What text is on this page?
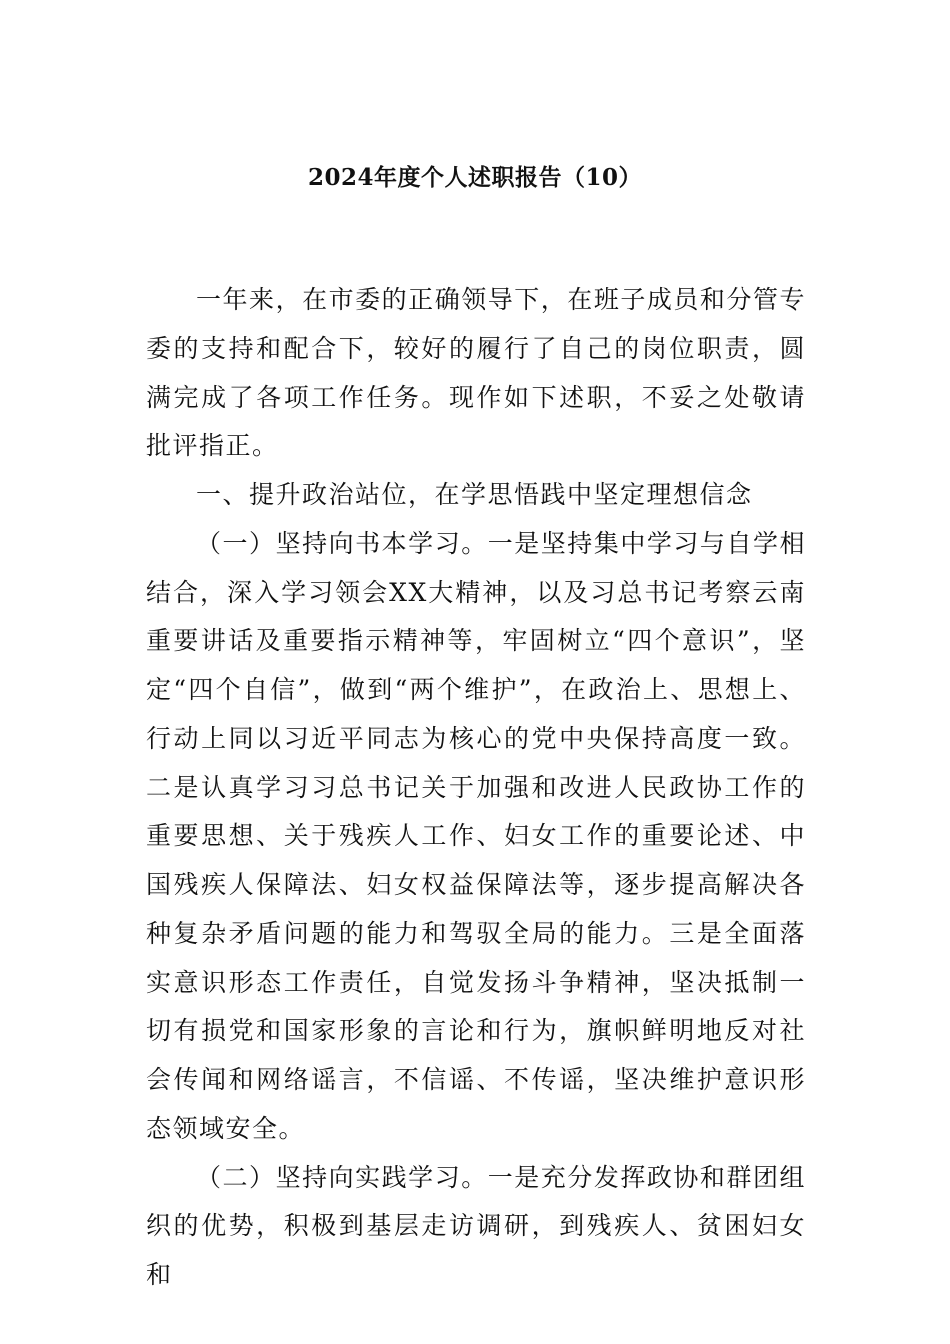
2024年度个人述职报告（10）

一年来，在市委的正确领导下，在班子成员和分管专委的支持和配合下，较好的履行了自己的岗位职责，圆满完成了各项工作任务。现作如下述职，不妥之处敬请批评指正。

一、提升政治站位，在学思悟践中坚定理想信念

（一）坚持向书本学习。一是坚持集中学习与自学相结合，深入学习领会XX大精神，以及习总书记考察云南重要讲话及重要指示精神等，牢固树立“四个意识”，坚定“四个自信”，做到“两个维护”，在政治上、思想上、行动上同以习近平同志为核心的党中央保持高度一致。二是认真学习习总书记关于加强和改进人民政协工作的重要思想、关于残疾人工作、妇女工作的重要论述、中国残疾人保障法、妇女权益保障法等，逐步提高解决各种复杂矛盾问题的能力和驾驭全局的能力。三是全面落实意识形态工作责任，自觉发扬斗争精神，坚决抵制一切有损党和国家形象的言论和行为，旗帜鲜明地反对社会传闻和网络谣言，不信谣、不传谣，坚决维护意识形态领域安全。

（二）坚持向实践学习。一是充分发挥政协和群团组织的优势，积极到基层走访调研，到残疾人、贫困妇女和
